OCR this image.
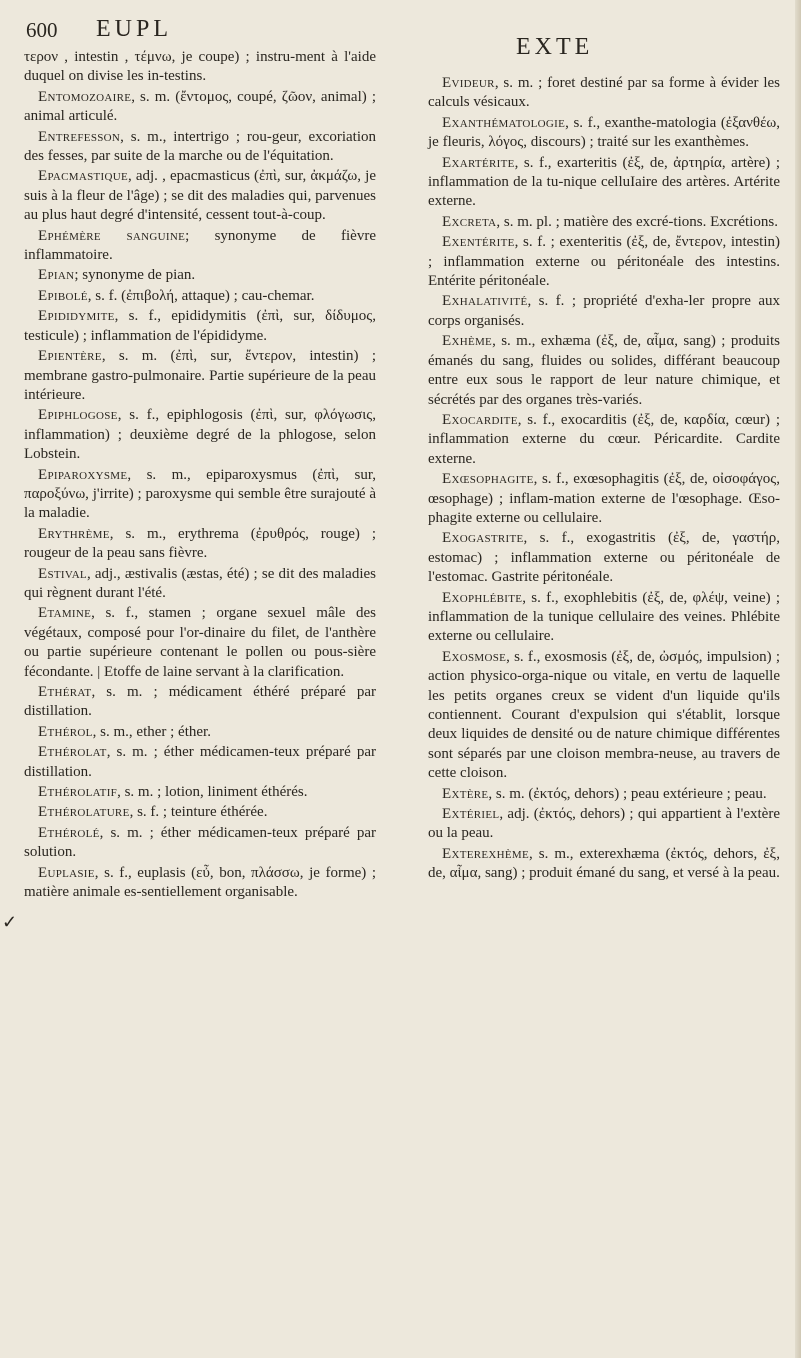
600 EUPL
EXTE

τερον , intestin , τέμνω, je coupe) ; instru-ment à l'aide duquel on divise les in-testins.

Entomozoaire, s. m. (ἔντομος, coupé, ζῶον, animal) ; animal articulé.

Entrefesson, s. m., intertrigo ; rou-geur, excoriation des fesses, par suite de la marche ou de l'équitation.

Epacmastique, adj. , epacmasticus (ἐπὶ, sur, ἀκμάζω, je suis à la fleur de l'âge) ; se dit des maladies qui, parvenues au plus haut degré d'intensité, cessent tout-à-coup.

Ephémère sanguine; synonyme de fièvre inflammatoire.

Epian; synonyme de pian.

Epibolé, s. f. (ἐπιβολή, attaque) ; cau-chemar.

Epididymite, s. f., epididymitis (ἐπὶ, sur, δίδυμος, testicule) ; inflammation de l'épididyme.

Epientère, s. m. (ἐπὶ, sur, ἔντερον, intestin) ; membrane gastro-pulmonaire. Partie supérieure de la peau intérieure.

Epiphlogose, s. f., epiphlogosis (ἐπὶ, sur, φλόγωσις, inflammation) ; deuxième degré de la phlogose, selon Lobstein.

Epiparoxysme, s. m., epiparoxysmus (ἐπὶ, sur, παροξύνω, j'irrite) ; paroxysme qui semble être surajouté à la maladie.

Erythrème, s. m., erythrema (ἐρυθρός, rouge) ; rougeur de la peau sans fièvre.

Estival, adj., æstivalis (æstas, été) ; se dit des maladies qui règnent durant l'été.

Etamine, s. f., stamen ; organe sexuel mâle des végétaux, composé pour l'or-dinaire du filet, de l'anthère ou partie supérieure contenant le pollen ou pous-sière fécondante. | Etoffe de laine servant à la clarification.

Ethérat, s. m. ; médicament éthéré préparé par distillation.

Ethérol, s. m., ether ; éther.

Ethérolat, s. m. ; éther médicamen-teux préparé par distillation.

Ethérolatif, s. m. ; lotion, liniment éthérés.

Ethérolature, s. f. ; teinture éthérée.

Ethérolé, s. m. ; éther médicamen-teux préparé par solution.

Euplasie, s. f., euplasis (εὖ, bon, πλάσσω, je forme) ; matière animale es-sentiellement organisable.

Evideur, s. m. ; foret destiné par sa forme à évider les calculs vésicaux.

Exanthématologie, s. f., exanthe-matologia (ἐξανθέω, je fleuris, λόγος, discours) ; traité sur les exanthèmes.

Exartérite, s. f., exarteritis (ἐξ, de, ἀρτηρία, artère) ; inflammation de la tu-nique celluIaire des artères. Artérite externe.

Excreta, s. m. pl. ; matière des excré-tions. Excrétions.

Exentérite, s. f. ; exenteritis (ἐξ, de, ἔντερον, intestin) ; inflammation externe ou péritonéale des intestins. Entérite péritonéale.

Exhalativité, s. f. ; propriété d'exha-ler propre aux corps organisés.

Exhème, s. m., exhæma (ἐξ, de, αἷμα, sang) ; produits émanés du sang, fluides ou solides, différant beaucoup entre eux sous le rapport de leur nature chimique, et sécrétés par des organes très-variés.

Exocardite, s. f., exocarditis (ἐξ, de, καρδία, cœur) ; inflammation externe du cœur. Péricardite. Cardite externe.

Exœsophagite, s. f., exœsophagitis (ἐξ, de, οἰσοφάγος, œsophage) ; inflam-mation externe de l'œsophage. Œso-phagite externe ou cellulaire.

Exogastrite, s. f., exogastritis (ἐξ, de, γαστήρ, estomac) ; inflammation externe ou péritonéale de l'estomac. Gastrite péritonéale.

Exophlébite, s. f., exophlebitis (ἐξ, de, φλέψ, veine) ; inflammation de la tunique cellulaire des veines. Phlébite externe ou cellulaire.

Exosmose, s. f., exosmosis (ἐξ, de, ὠσμός, impulsion) ; action physico-orga-nique ou vitale, en vertu de laquelle les petits organes creux se vident d'un liquide qu'ils contiennent. Courant d'expulsion qui s'établit, lorsque deux liquides de densité ou de nature chimique différentes sont séparés par une cloison membra-neuse, au travers de cette cloison.

Extère, s. m. (ἐκτός, dehors) ; peau extérieure ; peau.

Extériel, adj. (ἐκτός, dehors) ; qui appartient à l'extère ou la peau.

Exterexhème, s. m., exterexhæma (ἐκτός, dehors, ἐξ, de, αἷμα, sang) ; produit émané du sang, et versé à la peau.

✓
